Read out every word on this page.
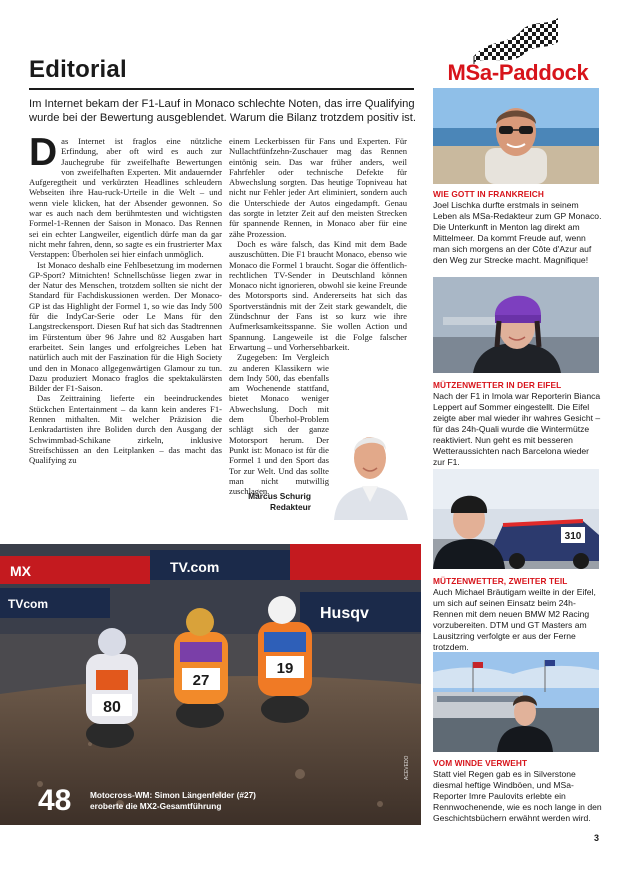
Editorial
Im Internet bekam der F1-Lauf in Monaco schlechte Noten, das irre Qualifying wurde bei der Bewertung ausgeblendet. Warum die Bilanz trotzdem positiv ist.
MSa-Paddock

Das Internet ist fraglos eine nützliche Erfindung, aber oft wird es auch zur Jauchegrube für zweifelhafte Bewertungen von zweifelhaften Experten. Mit andauernder Aufgeregtheit und verkürzten Headlines schleudern Webseiten ihre Hau-ruck-Urteile in die Welt – und wenn viele klicken, hat der Absender gewonnen. So war es auch nach dem berühmtesten und wichtigsten Formel-1-Rennen der Saison in Monaco. Das Rennen sei ein echter Langweiler, eigentlich dürfe man da gar nicht mehr fahren, denn, so sagte es ein frustrierter Max Verstappen: Überholen sei hier einfach unmöglich.

Ist Monaco deshalb eine Fehlbesetzung im modernen GP-Sport? Mitnichten! Schnellschüsse liegen zwar in der Natur des Menschen, trotzdem sollten sie nicht der Standard für Fachdiskussionen werden. Der Monaco-GP ist das Highlight der Formel 1, so wie das Indy 500 für die IndyCar-Serie oder Le Mans für den Langstreckensport. Diesen Ruf hat sich das Stadtrennen im Fürstentum über 96 Jahre und 82 Ausgaben hart erarbeitet. Sein langes und erfolgreiches Leben hat natürlich auch mit der Faszination für die High Society und den in Monaco allgegenwärtigen Glamour zu tun. Dazu produziert Monaco fraglos die spektakulärsten Bilder der F1-Saison.

Das Zeittraining lieferte ein beeindruckendes Stückchen Entertainment – da kann kein anderes F1-Rennen mithalten. Mit welcher Präzision die Lenkradartisten ihre Boliden durch den Ausgang der Schwimmbad-Schikane zirkeln, inklusive Streifschüssen an den Leitplanken – das macht das Qualifying zu

einem Leckerbissen für Fans und Experten. Für Nullachtfünfzehn-Zuschauer mag das Rennen eintönig sein. Das war früher anders, weil Fahrfehler oder technische Defekte für Abwechslung sorgten. Das heutige Topniveau hat nicht nur Fehler jeder Art eliminiert, sondern auch die Unterschiede der Autos eingedampft. Genau das sorgte in letzter Zeit auf den meisten Strecken für spannende Rennen, in Monaco aber für eine zähe Prozession.

Doch es wäre falsch, das Kind mit dem Bade auszuschütten. Die F1 braucht Monaco, ebenso wie Monaco die Formel 1 braucht. Sogar die öffentlich-rechtlichen TV-Sender in Deutschland können Monaco nicht ignorieren, obwohl sie keine Freunde des Motorsports sind. Andererseits hat sich das Sportverständnis mit der Zeit stark gewandelt, die Zündschnur der Fans ist so kurz wie ihre Aufmerksamkeitsspanne. Sie wollen Action und Spannung. Langeweile ist die Folge falscher Erwartung – und Vorhersehbarkeit.

Zugegeben: Im Vergleich zu anderen Klassikern wie dem Indy 500, das ebenfalls am Wochenende stattfand, bietet Monaco weniger Abwechslung. Doch mit dem Überhol-Problem schlägt sich der ganze Motorsport herum. Der Punkt ist: Monaco ist für die Formel 1 und den Sport das Tor zur Welt. Und das sollte man nicht mutwillig zuschlagen.

Marcus Schurig
Redakteur
MX	TV.com
Husqv
TVcom
80
27
19
48 Motocross-WM: Simon Längenfelder (#27) eroberte die MX2-Gesamtführung
ACEVEDO
WIE GOTT IN FRANKREICH
Joel Lischka durfte erstmals in seinem Leben als MSa-Redakteur zum GP Monaco. Die Unterkunft in Menton lag direkt am Mittelmeer. Da kommt Freude auf, wenn man sich morgens an der Côte d'Azur auf den Weg zur Strecke macht. Magnifique!
MÜTZENWETTER IN DER EIFEL
Nach der F1 in Imola war Reporterin Bianca Leppert auf Sommer eingestellt. Die Eifel zeigte aber mal wieder ihr wahres Gesicht – für das 24h-Quali wurde die Wintermütze reaktiviert. Nun geht es mit besseren Wetteraussichten nach Barcelona wieder zur F1.
310
MÜTZENWETTER, ZWEITER TEIL
Auch Michael Bräutigam weilte in der Eifel, um sich auf seinen Einsatz beim 24h-Rennen mit dem neuen BMW M2 Racing vorzubereiten. DTM und GT Masters am Lausitzring verfolgte er aus der Ferne trotzdem.
VOM WINDE VERWEHT
Statt viel Regen gab es in Silverstone diesmal heftige Windböen, und MSa-Reporter Imre Paulovits erlebte ein Rennwochenende, wie es noch lange in den Geschichtsbüchern erwähnt werden wird.
3
